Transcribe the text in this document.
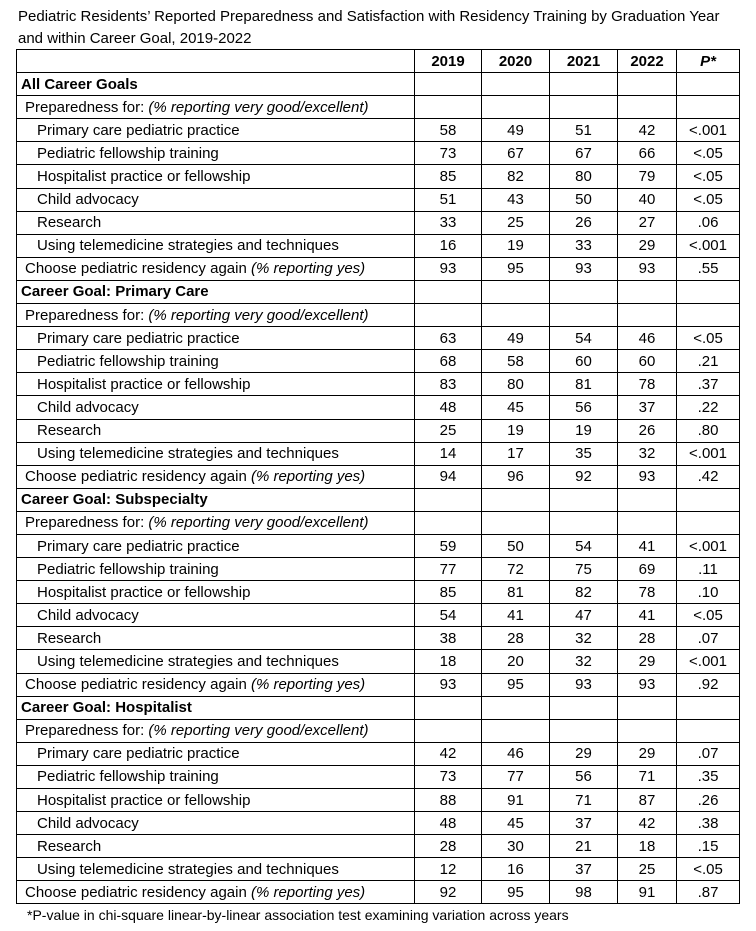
Pediatric Residents’ Reported Preparedness and Satisfaction with Residency Training by Graduation Year and within Career Goal, 2019-2022
	2019	2020	2021	2022	P*
All Career Goals					
Preparedness for: (% reporting very good/excellent)					
Primary care pediatric practice	58	49	51	42	<.001
Pediatric fellowship training	73	67	67	66	<.05
Hospitalist practice or fellowship	85	82	80	79	<.05
Child advocacy	51	43	50	40	<.05
Research	33	25	26	27	.06
Using telemedicine strategies and techniques	16	19	33	29	<.001
Choose pediatric residency again (% reporting yes)	93	95	93	93	.55
Career Goal: Primary Care					
Preparedness for: (% reporting very good/excellent)					
Primary care pediatric practice	63	49	54	46	<.05
Pediatric fellowship training	68	58	60	60	.21
Hospitalist practice or fellowship	83	80	81	78	.37
Child advocacy	48	45	56	37	.22
Research	25	19	19	26	.80
Using telemedicine strategies and techniques	14	17	35	32	<.001
Choose pediatric residency again (% reporting yes)	94	96	92	93	.42
Career Goal: Subspecialty					
Preparedness for: (% reporting very good/excellent)					
Primary care pediatric practice	59	50	54	41	<.001
Pediatric fellowship training	77	72	75	69	.11
Hospitalist practice or fellowship	85	81	82	78	.10
Child advocacy	54	41	47	41	<.05
Research	38	28	32	28	.07
Using telemedicine strategies and techniques	18	20	32	29	<.001
Choose pediatric residency again (% reporting yes)	93	95	93	93	.92
Career Goal: Hospitalist					
Preparedness for: (% reporting very good/excellent)					
Primary care pediatric practice	42	46	29	29	.07
Pediatric fellowship training	73	77	56	71	.35
Hospitalist practice or fellowship	88	91	71	87	.26
Child advocacy	48	45	37	42	.38
Research	28	30	21	18	.15
Using telemedicine strategies and techniques	12	16	37	25	<.05
Choose pediatric residency again (% reporting yes)	92	95	98	91	.87
*P-value in chi-square linear-by-linear association test examining variation across years
